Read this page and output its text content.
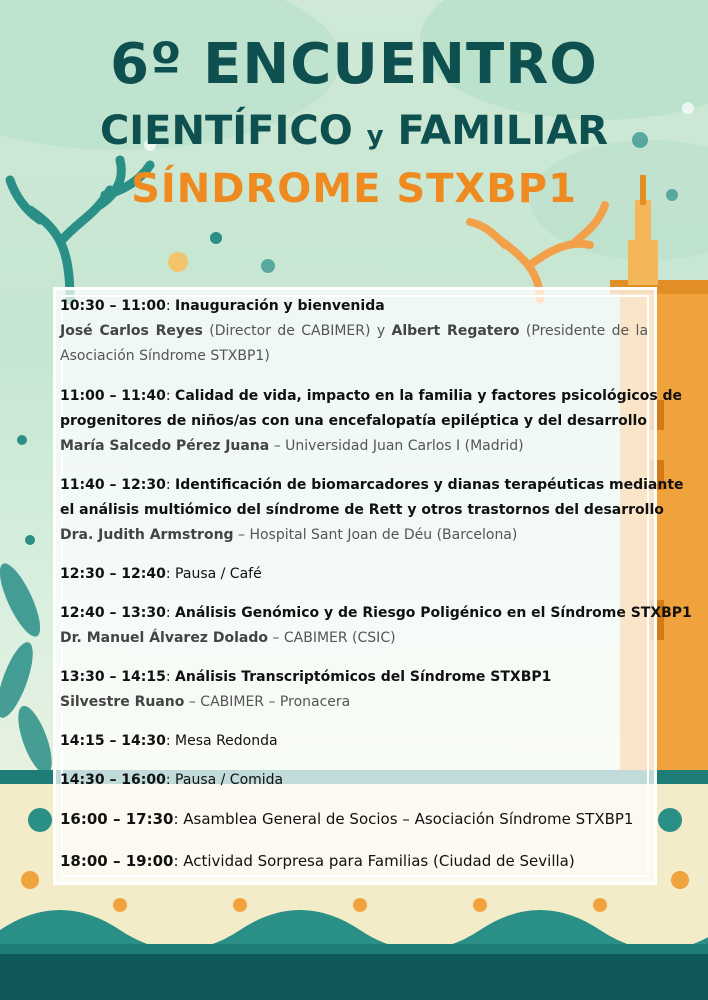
6º ENCUENTRO
CIENTÍFICO y FAMILIAR
SÍNDROME STXBP1
10:30 – 11:00: Inauguración y bienvenida
José Carlos Reyes (Director de CABIMER) y Albert Regatero (Presidente de la
Asociación Síndrome STXBP1)
11:00 – 11:40: Calidad de vida, impacto en la familia y factores psicológicos de
progenitores de niños/as con una encefalopatía epiléptica y del desarrollo
María Salcedo Pérez Juana – Universidad Juan Carlos I (Madrid)
11:40 – 12:30: Identificación de biomarcadores y dianas terapéuticas mediante
el análisis multiómico del síndrome de Rett y otros trastornos del desarrollo
Dra. Judith Armstrong – Hospital Sant Joan de Déu (Barcelona)
12:30 – 12:40: Pausa / Café
12:40 – 13:30: Análisis Genómico y de Riesgo Poligénico en el Síndrome STXBP1
Dr. Manuel Álvarez Dolado – CABIMER (CSIC)
13:30 – 14:15: Análisis Transcriptómicos del Síndrome STXBP1
Silvestre Ruano – CABIMER – Pronacera
14:15 – 14:30: Mesa Redonda
14:30 – 16:00: Pausa / Comida
16:00 – 17:30: Asamblea General de Socios – Asociación Síndrome STXBP1
18:00 – 19:00: Actividad Sorpresa para Familias (Ciudad de Sevilla)
